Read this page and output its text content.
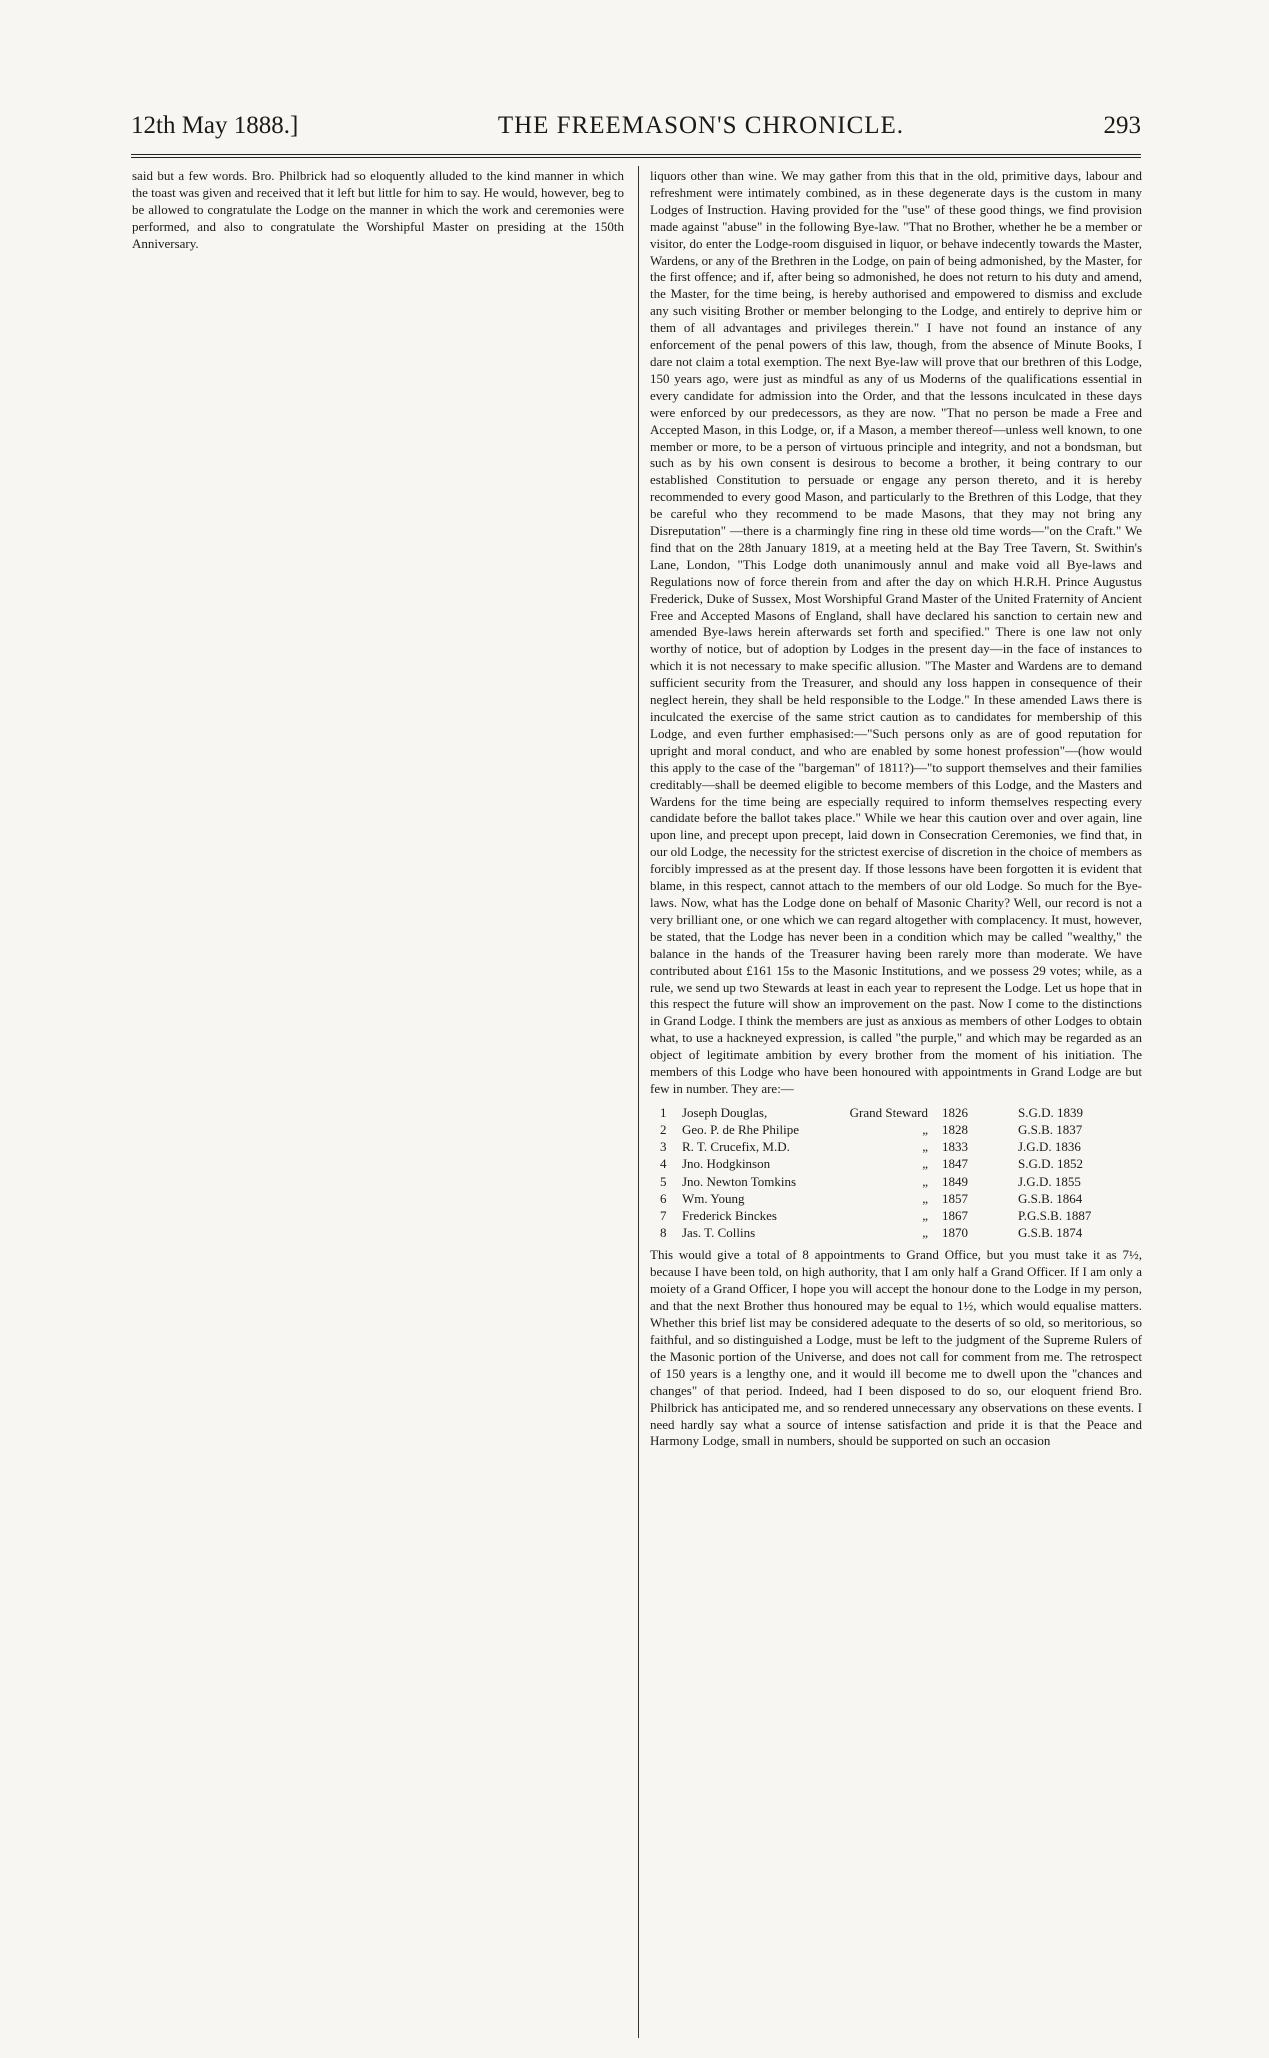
12th May 1888.]	THE FREEMASON'S CHRONICLE.	293

said but a few words. Bro. Philbrick had so eloquently alluded to the kind manner in which the toast was given and received that it left but little for him to say. He would, however, beg to be allowed to congratulate the Lodge on the manner in which the work and ceremonies were performed, and also to congratulate the Worshipful Master on presiding at the 150th Anniversary.

liquors other than wine. We may gather from this that in the old, primitive days, labour and refreshment were intimately combined, as in these degenerate days is the custom in many Lodges of Instruction. Having provided for the "use" of these good things, we find provision made against "abuse" in the following Bye-law. "That no Brother, whether he be a member or visitor, do enter the Lodge-room disguised in liquor, or behave indecently towards the Master, Wardens, or any of the Brethren in the Lodge, on pain of being admonished, by the Master, for the first offence; and if, after being so admonished, he does not return to his duty and amend, the Master, for the time being, is hereby authorised and empowered to dismiss and exclude any such visiting Brother or member belonging to the Lodge, and entirely to deprive him or them of all advantages and privileges therein." I have not found an instance of any enforcement of the penal powers of this law, though, from the absence of Minute Books, I dare not claim a total exemption. The next Bye-law will prove that our brethren of this Lodge, 150 years ago, were just as mindful as any of us Moderns of the qualifications essential in every candidate for admission into the Order, and that the lessons inculcated in these days were enforced by our predecessors, as they are now. "That no person be made a Free and Accepted Mason, in this Lodge, or, if a Mason, a member thereof—unless well known, to one member or more, to be a person of virtuous principle and integrity, and not a bondsman, but such as by his own consent is desirous to become a brother, it being contrary to our established Constitution to persuade or engage any person thereto, and it is hereby recommended to every good Mason, and particularly to the Brethren of this Lodge, that they be careful who they recommend to be made Masons, that they may not bring any Disreputation" —there is a charmingly fine ring in these old time words—"on the Craft." We find that on the 28th January 1819, at a meeting held at the Bay Tree Tavern, St. Swithin's Lane, London, "This Lodge doth unanimously annul and make void all Bye-laws and Regulations now of force therein from and after the day on which H.R.H. Prince Augustus Frederick, Duke of Sussex, Most Worshipful Grand Master of the United Fraternity of Ancient Free and Accepted Masons of England, shall have declared his sanction to certain new and amended Bye-laws herein afterwards set forth and specified." There is one law not only worthy of notice, but of adoption by Lodges in the present day—in the face of instances to which it is not necessary to make specific allusion. "The Master and Wardens are to demand sufficient security from the Treasurer, and should any loss happen in consequence of their neglect herein, they shall be held responsible to the Lodge." In these amended Laws there is inculcated the exercise of the same strict caution as to candidates for membership of this Lodge, and even further emphasised:—"Such persons only as are of good reputation for upright and moral conduct, and who are enabled by some honest profession"—(how would this apply to the case of the "bargeman" of 1811?)—"to support themselves and their families creditably—shall be deemed eligible to become members of this Lodge, and the Masters and Wardens for the time being are especially required to inform themselves respecting every candidate before the ballot takes place." While we hear this caution over and over again, line upon line, and precept upon precept, laid down in Consecration Ceremonies, we find that, in our old Lodge, the necessity for the strictest exercise of discretion in the choice of members as forcibly impressed as at the present day. If those lessons have been forgotten it is evident that blame, in this respect, cannot attach to the members of our old Lodge. So much for the Bye-laws. Now, what has the Lodge done on behalf of Masonic Charity? Well, our record is not a very brilliant one, or one which we can regard altogether with complacency. It must, however, be stated, that the Lodge has never been in a condition which may be called "wealthy," the balance in the hands of the Treasurer having been rarely more than moderate. We have contributed about £161 15s to the Masonic Institutions, and we possess 29 votes; while, as a rule, we send up two Stewards at least in each year to represent the Lodge. Let us hope that in this respect the future will show an improvement on the past. Now I come to the distinctions in Grand Lodge. I think the members are just as anxious as members of other Lodges to obtain what, to use a hackneyed expression, is called "the purple," and which may be regarded as an object of legitimate ambition by every brother from the moment of his initiation. The members of this Lodge who have been honoured with appointments in Grand Lodge are but few in number. They are:—

1	Joseph Douglas,	Grand Steward	1826	S.G.D. 1839
2	Geo. P. de Rhe Philipe	„	1828	G.S.B. 1837
3	R. T. Crucefix, M.D.	„	1833	J.G.D. 1836
4	Jno. Hodgkinson	„	1847	S.G.D. 1852
5	Jno. Newton Tomkins	„	1849	J.G.D. 1855
6	Wm. Young	„	1857	G.S.B. 1864
7	Frederick Binckes	„	1867	P.G.S.B. 1887
8	Jas. T. Collins	„	1870	G.S.B. 1874

This would give a total of 8 appointments to Grand Office, but you must take it as 7½, because I have been told, on high authority, that I am only half a Grand Officer. If I am only a moiety of a Grand Officer, I hope you will accept the honour done to the Lodge in my person, and that the next Brother thus honoured may be equal to 1½, which would equalise matters. Whether this brief list may be considered adequate to the deserts of so old, so meritorious, so faithful, and so distinguished a Lodge, must be left to the judgment of the Supreme Rulers of the Masonic portion of the Universe, and does not call for comment from me. The retrospect of 150 years is a lengthy one, and it would ill become me to dwell upon the "chances and changes" of that period. Indeed, had I been disposed to do so, our eloquent friend Bro. Philbrick has anticipated me, and so rendered unnecessary any observations on these events. I need hardly say what a source of intense satisfaction and pride it is that the Peace and Harmony Lodge, small in numbers, should be supported on such an occasion
